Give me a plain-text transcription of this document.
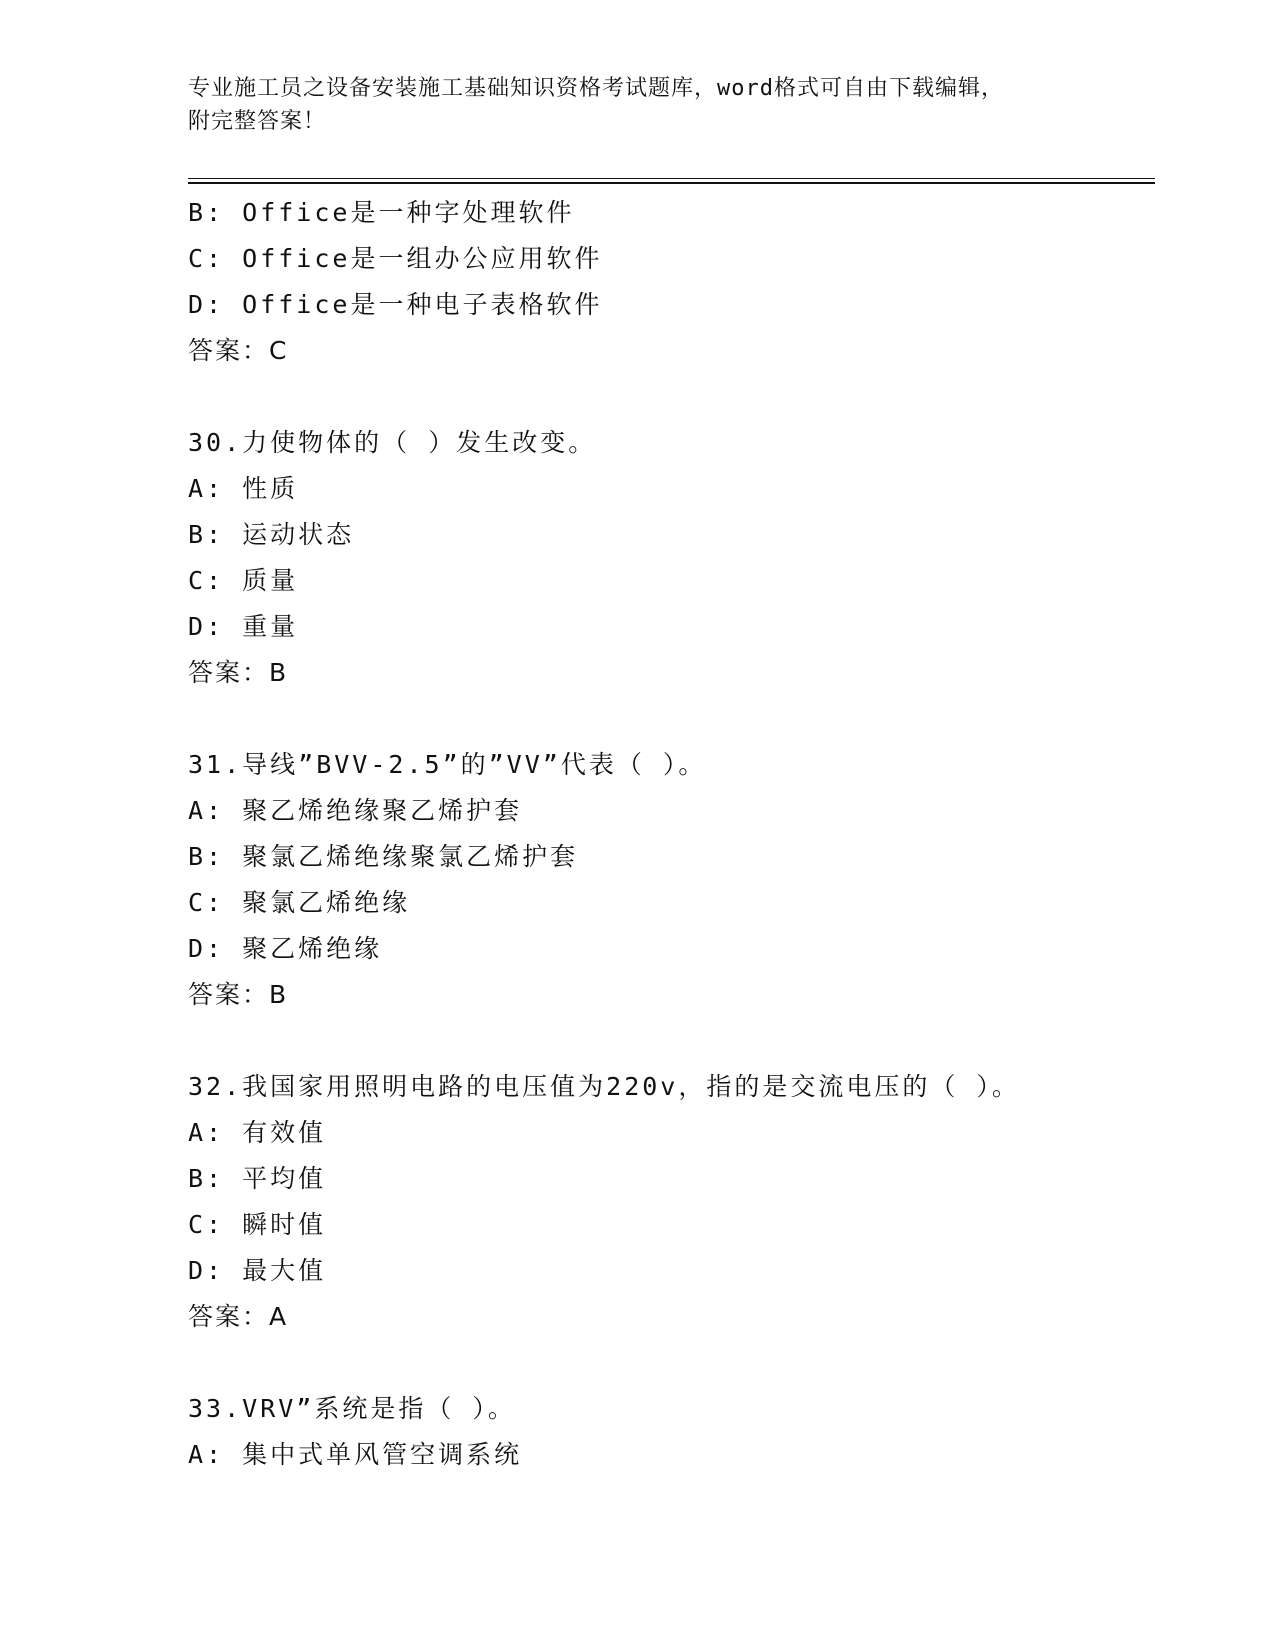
专业施工员之设备安装施工基础知识资格考试题库，word格式可自由下载编辑，
附完整答案！
B: Office是一种字处理软件
C: Office是一组办公应用软件
D: Office是一种电子表格软件
答案：C
30.力使物体的（ ）发生改变。
A: 性质
B: 运动状态
C: 质量
D: 重量
答案：B
31.导线”BVV-2.5”的”VV”代表（ ）。
A: 聚乙烯绝缘聚乙烯护套
B: 聚氯乙烯绝缘聚氯乙烯护套
C: 聚氯乙烯绝缘
D: 聚乙烯绝缘
答案：B
32.我国家用照明电路的电压值为220v，指的是交流电压的（ ）。
A: 有效值
B: 平均值
C: 瞬时值
D: 最大值
答案：A
33.VRV”系统是指（ ）。
A: 集中式单风管空调系统
